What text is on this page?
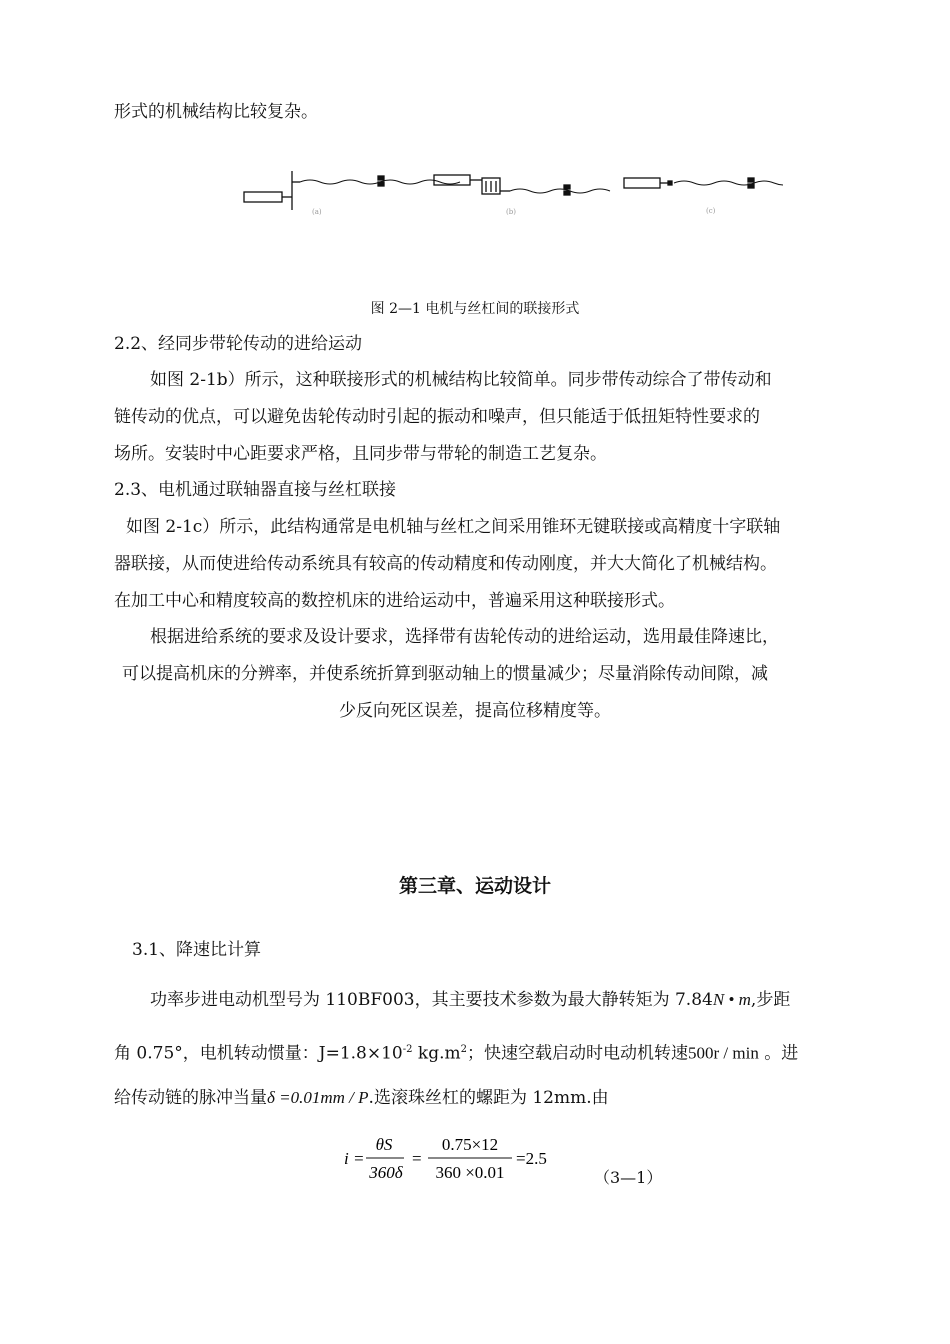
形式的机械结构比较复杂。
(a)	(b)	(c)
图 2—1 电机与丝杠间的联接形式
2.2、经同步带轮传动的进给运动
如图 2-1b）所示，这种联接形式的机械结构比较简单。同步带传动综合了带传动和
链传动的优点，可以避免齿轮传动时引起的振动和噪声，但只能适于低扭矩特性要求的
场所。安装时中心距要求严格，且同步带与带轮的制造工艺复杂。
2.3、电机通过联轴器直接与丝杠联接
如图 2-1c）所示，此结构通常是电机轴与丝杠之间采用锥环无键联接或高精度十字联轴
器联接，从而使进给传动系统具有较高的传动精度和传动刚度，并大大简化了机械结构。
在加工中心和精度较高的数控机床的进给运动中，普遍采用这种联接形式。
根据进给系统的要求及设计要求，选择带有齿轮传动的进给运动，选用最佳降速比，
可以提高机床的分辨率，并使系统折算到驱动轴上的惯量减少；尽量消除传动间隙，减
少反向死区误差，提高位移精度等。
第三章、运动设计
3.1、降速比计算
功率步进电动机型号为 110BF003，其主要技术参数为最大静转矩为 7.84N • m,步距
角 0.75°，电机转动惯量：$J=1.8\times 10^{-2}$ $kg.m^2$；快速空载启动时电动机转速500r / min 。进
给传动链的脉冲当量δ =0.01mm / P.选滚珠丝杠的螺距为 12mm.由
i =
θS
360δ
=
0.75×12
360 ×0.01
=2.5
（3—1）
